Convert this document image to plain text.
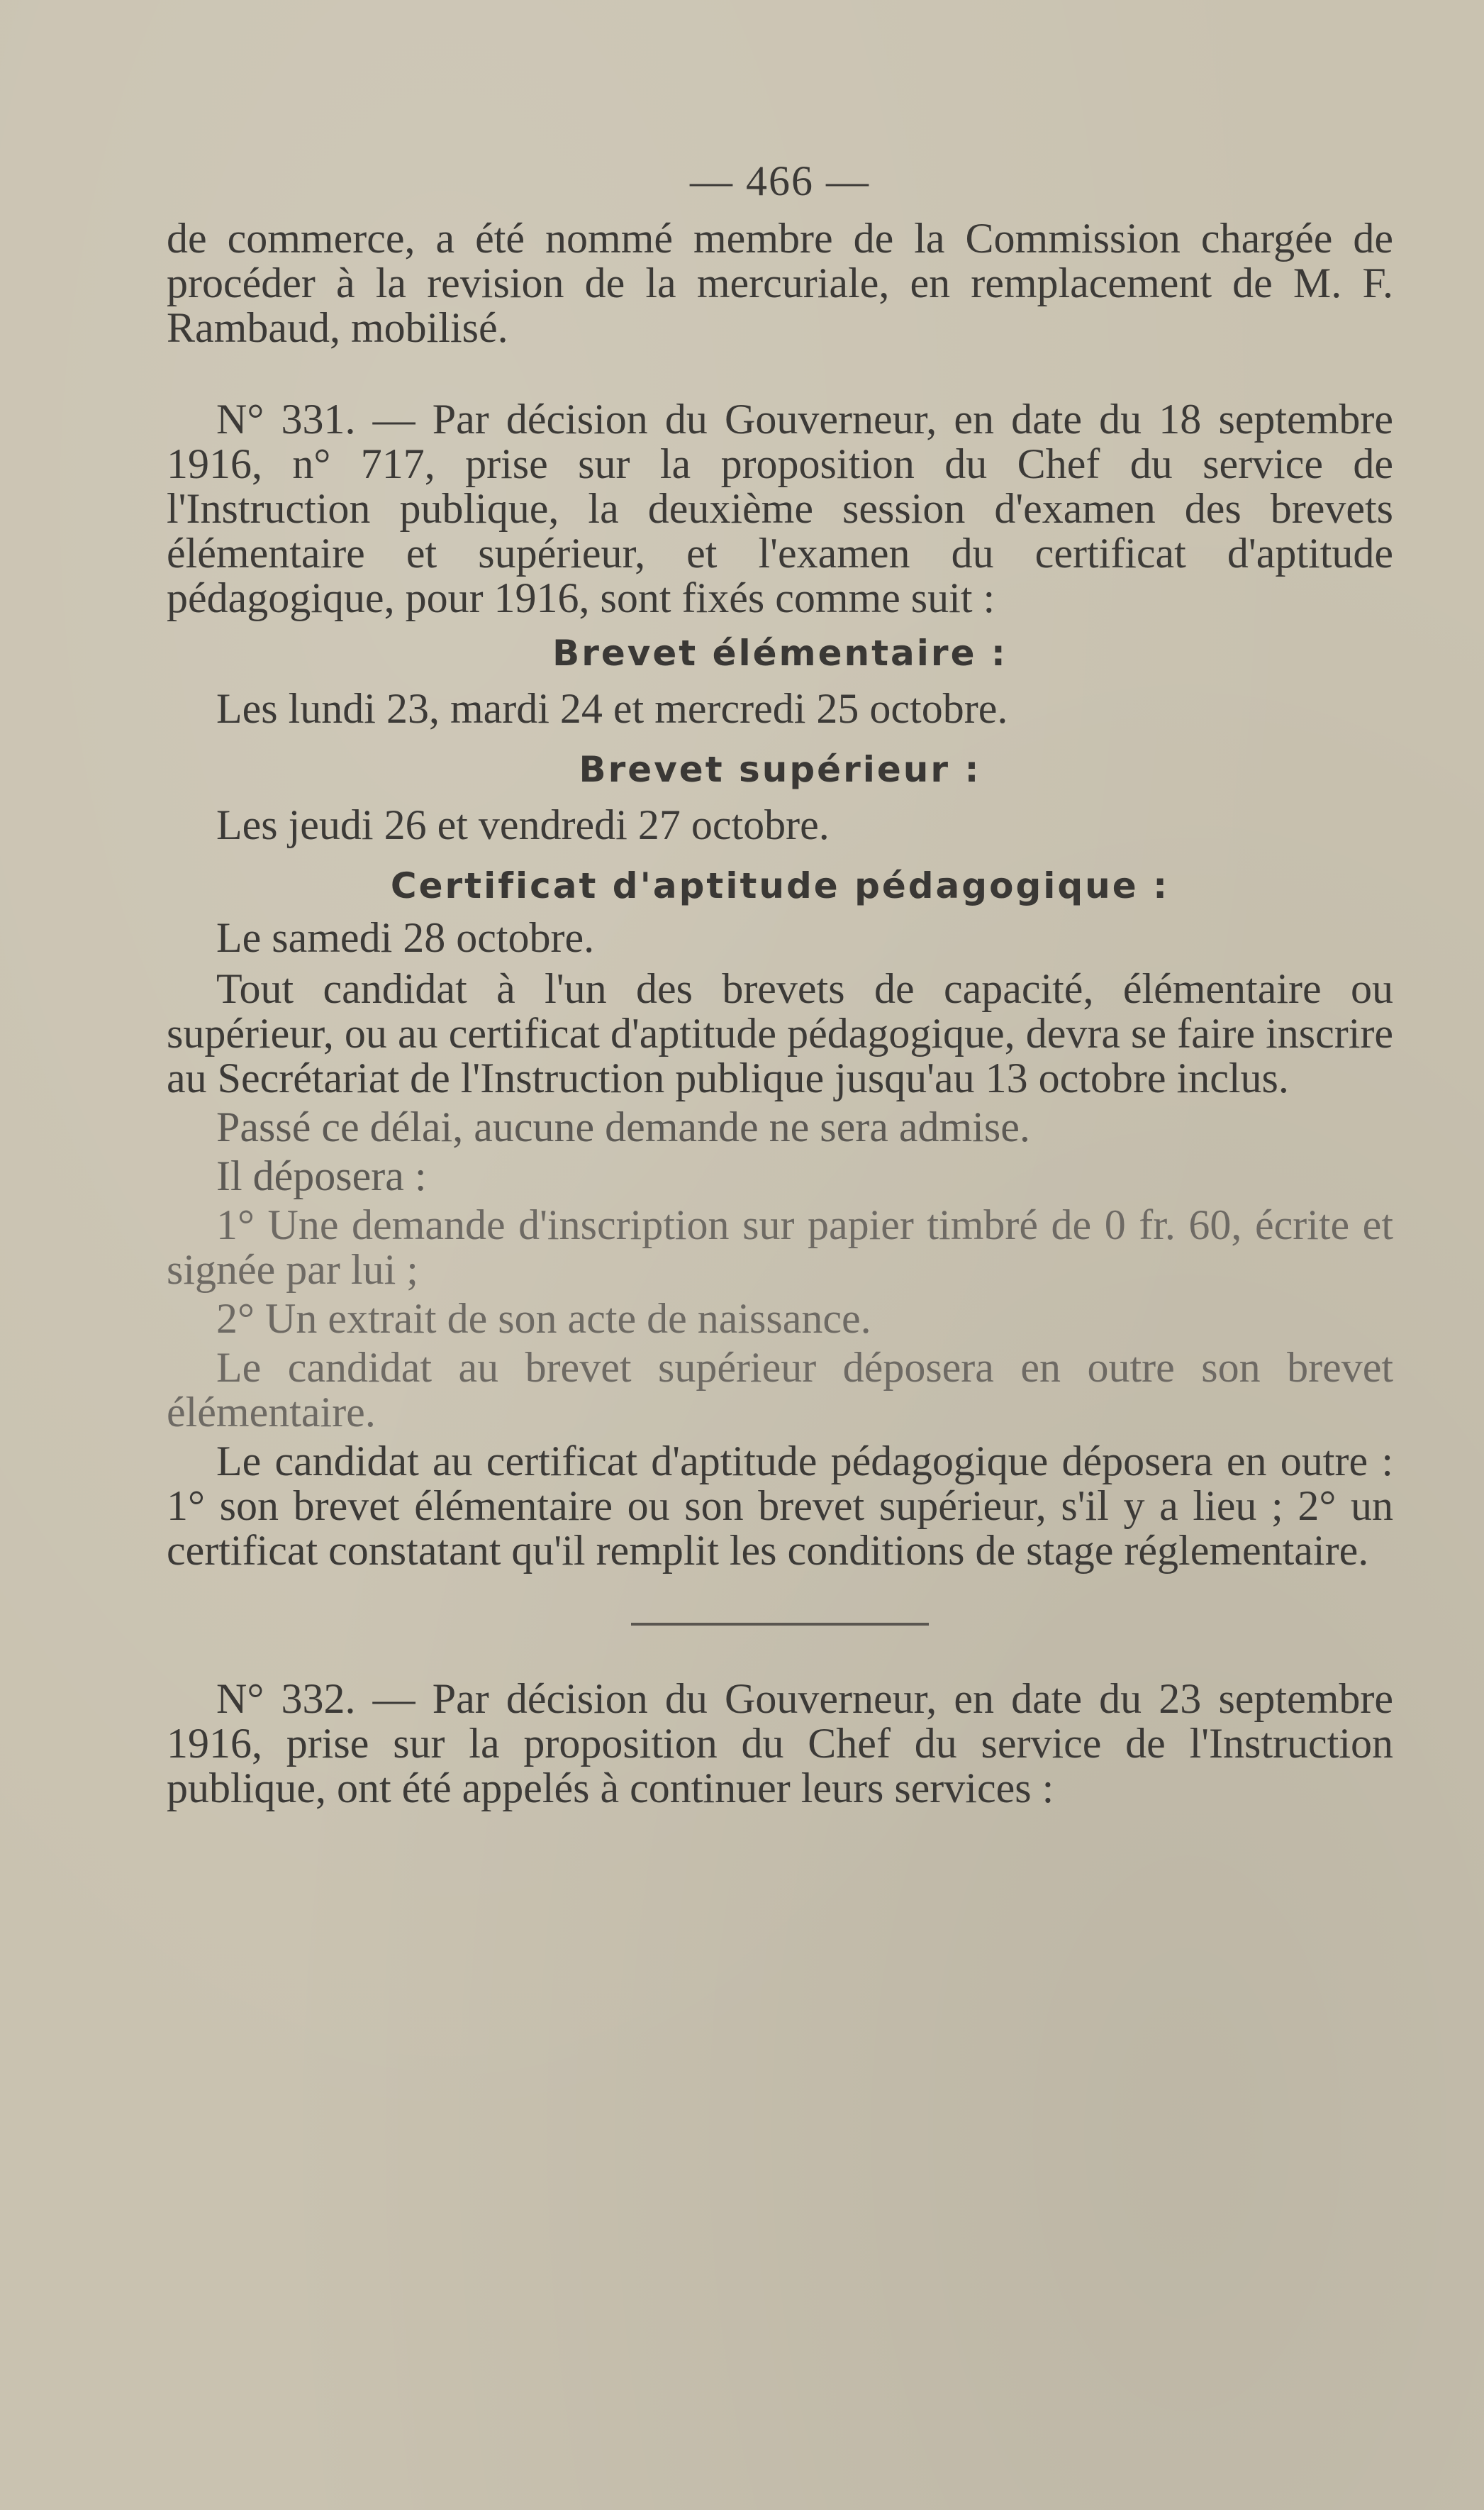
— 466 —

de commerce, a été nommé membre de la Commission chargée de procéder à la revision de la mercuriale, en remplacement de M. F. Rambaud, mobilisé.

N° 331. — Par décision du Gouverneur, en date du 18 septembre 1916, n° 717, prise sur la proposition du Chef du service de l'Instruction publique, la deuxième session d'examen des brevets élémentaire et supérieur, et l'examen du certificat d'aptitude pédagogique, pour 1916, sont fixés comme suit :

Brevet élémentaire :

Les lundi 23, mardi 24 et mercredi 25 octobre.

Brevet supérieur :

Les jeudi 26 et vendredi 27 octobre.

Certificat d'aptitude pédagogique :

Le samedi 28 octobre.

Tout candidat à l'un des brevets de capacité, élémentaire ou supérieur, ou au certificat d'aptitude pédagogique, devra se faire inscrire au Secrétariat de l'Instruction publique jusqu'au 13 octobre inclus.

Passé ce délai, aucune demande ne sera admise.

Il déposera :

1° Une demande d'inscription sur papier timbré de 0 fr. 60, écrite et signée par lui ;

2° Un extrait de son acte de naissance.

Le candidat au brevet supérieur déposera en outre son brevet élémentaire.

Le candidat au certificat d'aptitude pédagogique déposera en outre : 1° son brevet élémentaire ou son brevet supérieur, s'il y a lieu ; 2° un certificat constatant qu'il remplit les conditions de stage réglementaire.

N° 332. — Par décision du Gouverneur, en date du 23 septembre 1916, prise sur la proposition du Chef du service de l'Instruction publique, ont été appelés à continuer leurs services :
